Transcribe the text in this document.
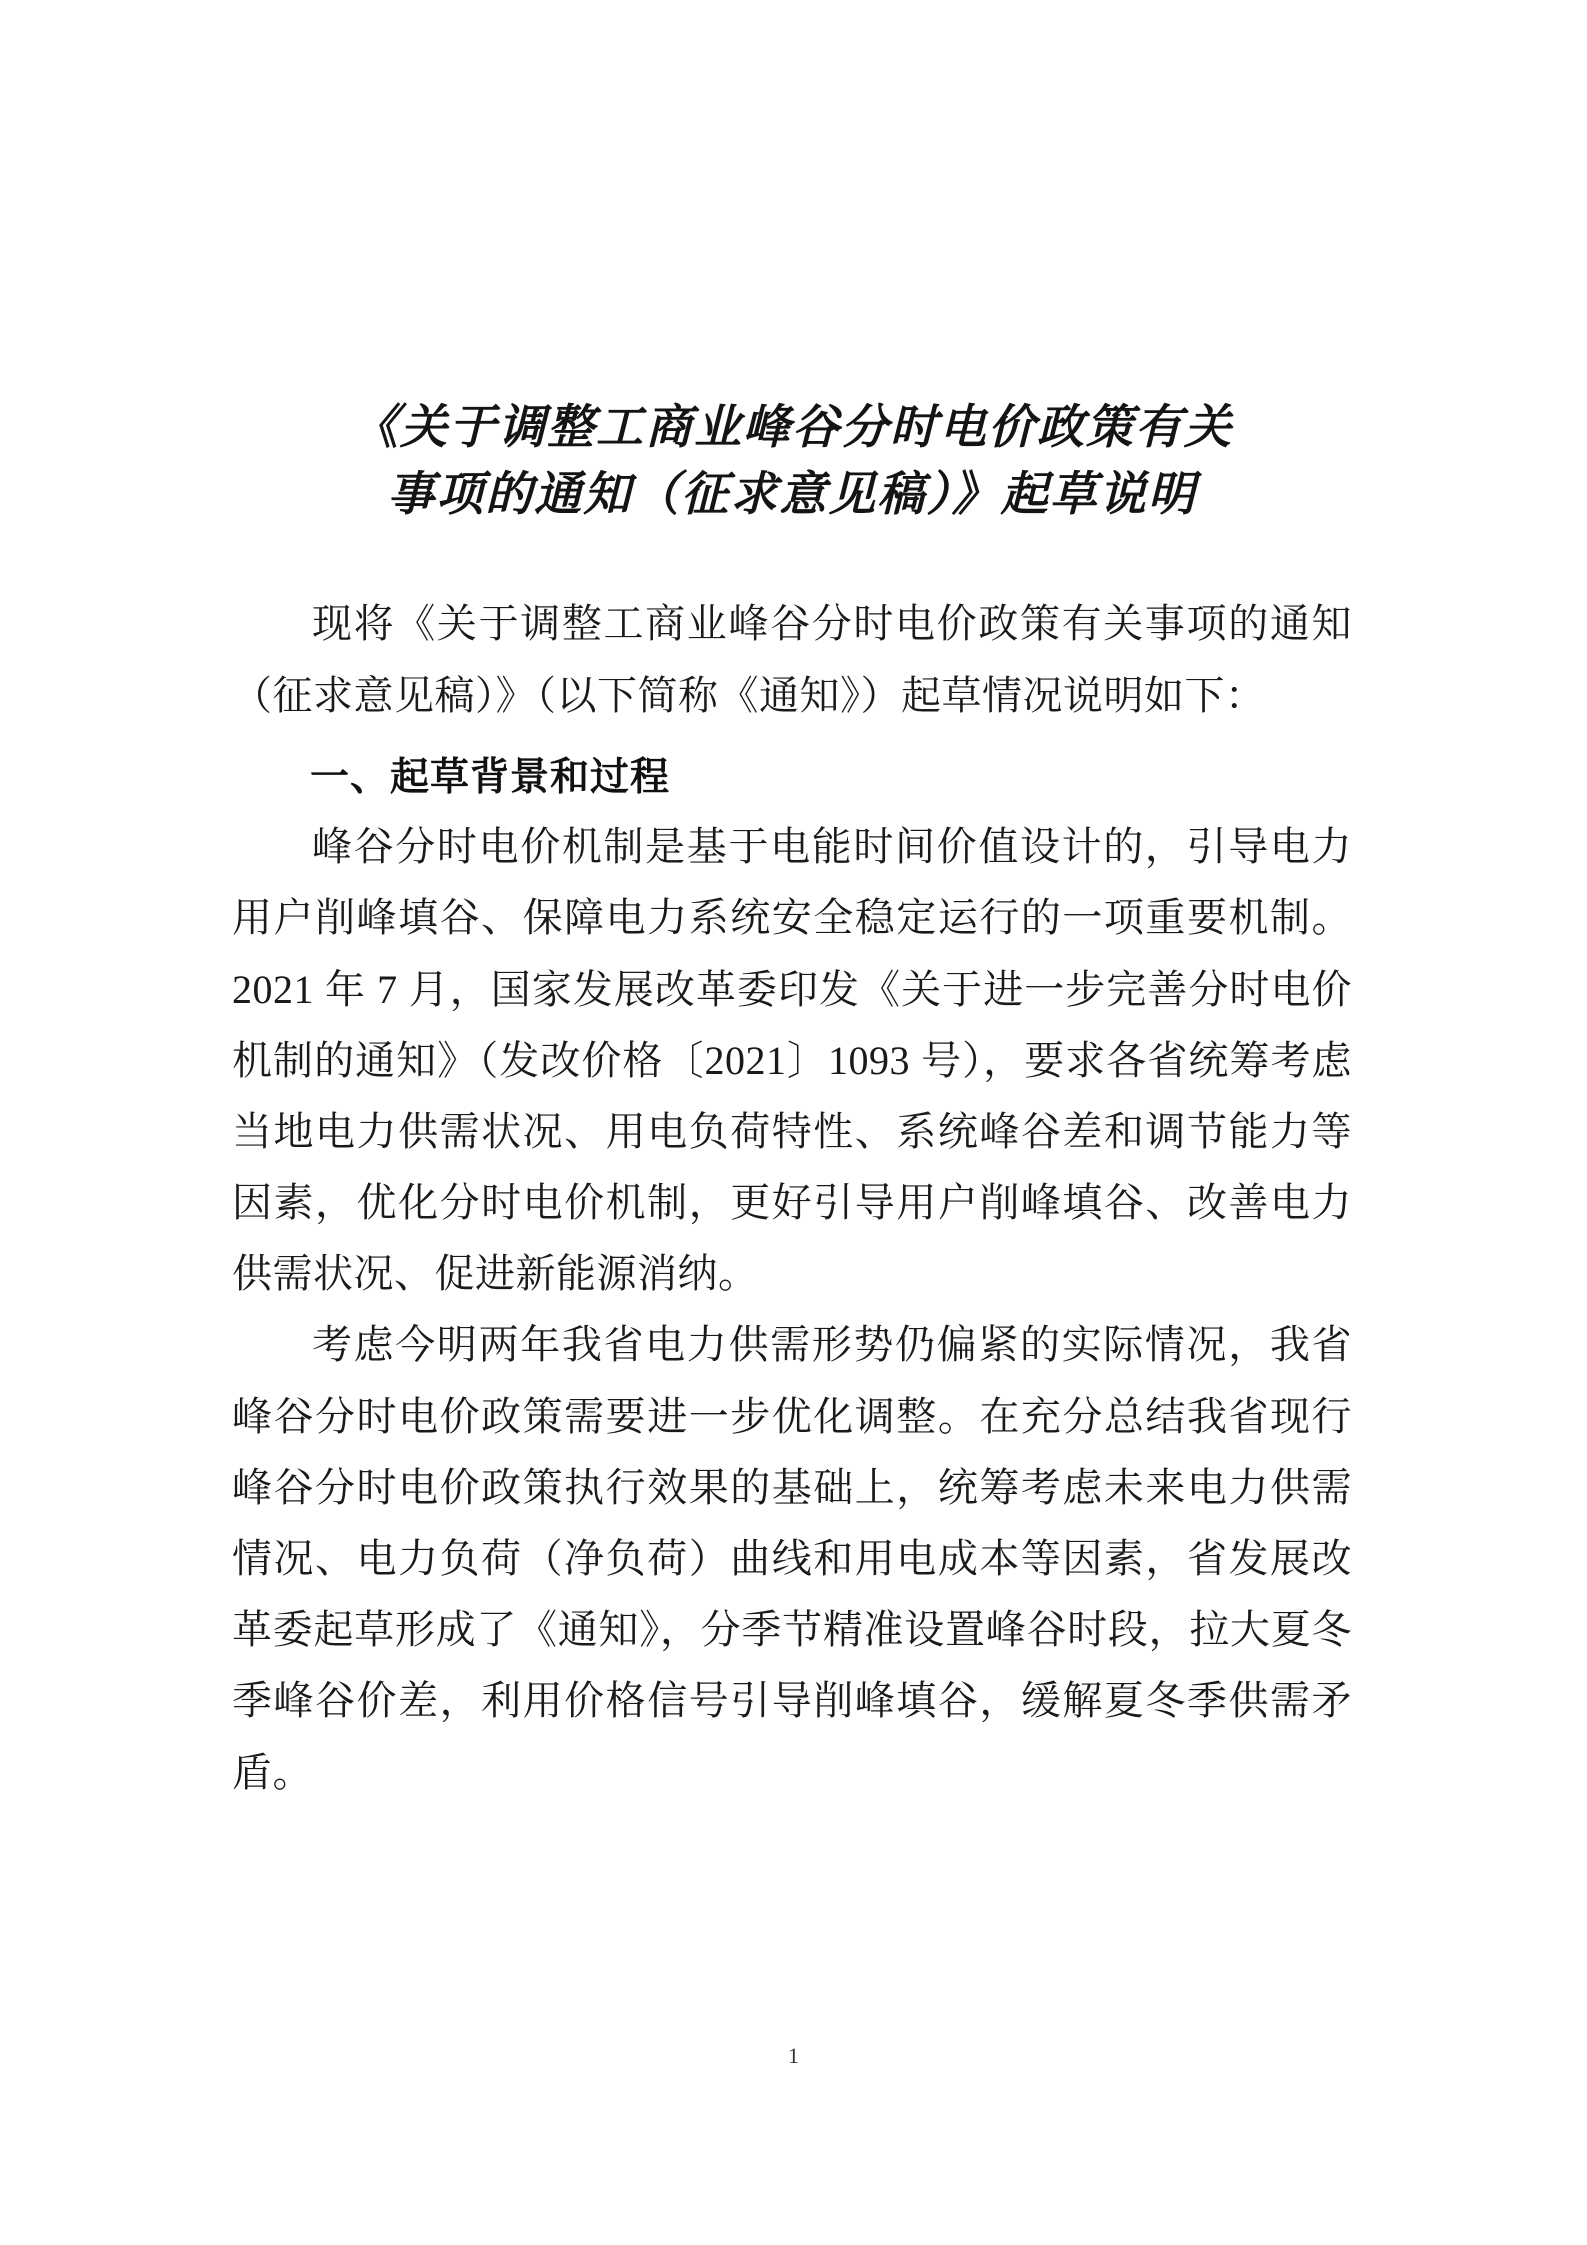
《关于调整工商业峰谷分时电价政策有关
事项的通知（征求意见稿）》起草说明

现将《关于调整工商业峰谷分时电价政策有关事项的通知（征求意见稿）》（以下简称《通知》）起草情况说明如下：

一、起草背景和过程

峰谷分时电价机制是基于电能时间价值设计的，引导电力用户削峰填谷、保障电力系统安全稳定运行的一项重要机制。2021 年 7 月，国家发展改革委印发《关于进一步完善分时电价机制的通知》（发改价格〔2021〕1093 号），要求各省统筹考虑当地电力供需状况、用电负荷特性、系统峰谷差和调节能力等因素，优化分时电价机制，更好引导用户削峰填谷、改善电力供需状况、促进新能源消纳。

考虑今明两年我省电力供需形势仍偏紧的实际情况，我省峰谷分时电价政策需要进一步优化调整。在充分总结我省现行峰谷分时电价政策执行效果的基础上，统筹考虑未来电力供需情况、电力负荷（净负荷）曲线和用电成本等因素，省发展改革委起草形成了《通知》，分季节精准设置峰谷时段，拉大夏冬季峰谷价差，利用价格信号引导削峰填谷，缓解夏冬季供需矛盾。

1
